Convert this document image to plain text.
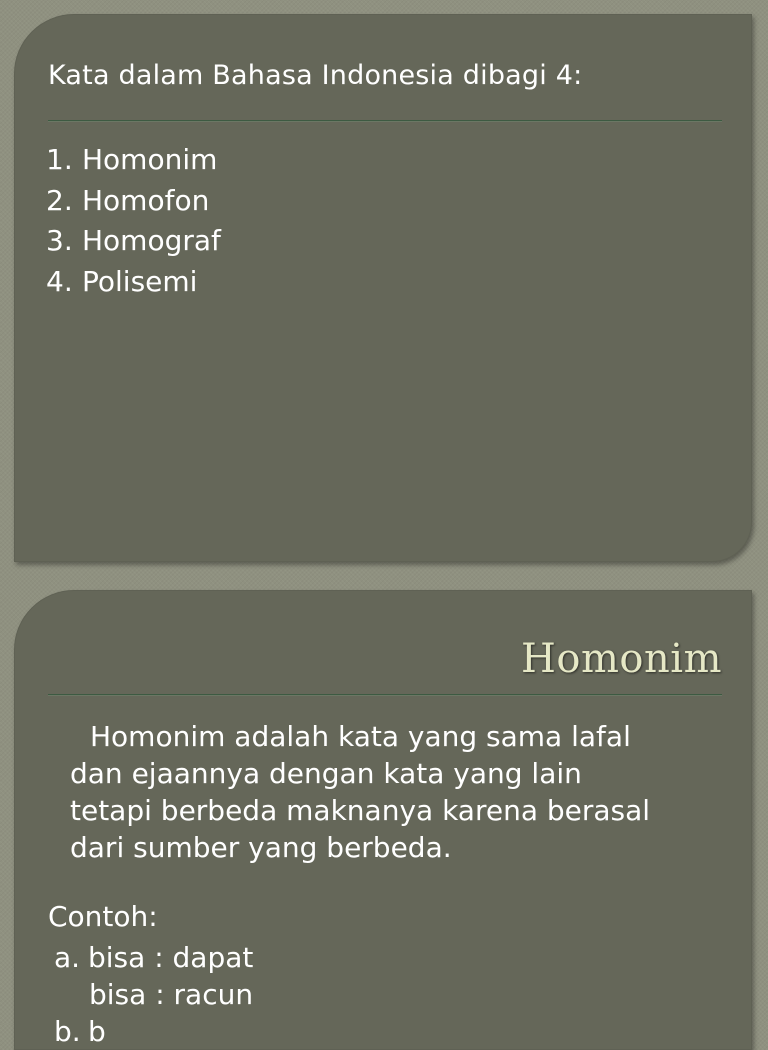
Kata dalam Bahasa Indonesia dibagi 4:
1. Homonim
2. Homofon
3. Homograf
4. Polisemi
Homonim
Homonim adalah kata yang sama lafal
dan ejaannya dengan kata yang lain
tetapi berbeda maknanya karena berasal
dari sumber yang berbeda.
Contoh:
a. bisa : dapat
bisa : racun
b. b
